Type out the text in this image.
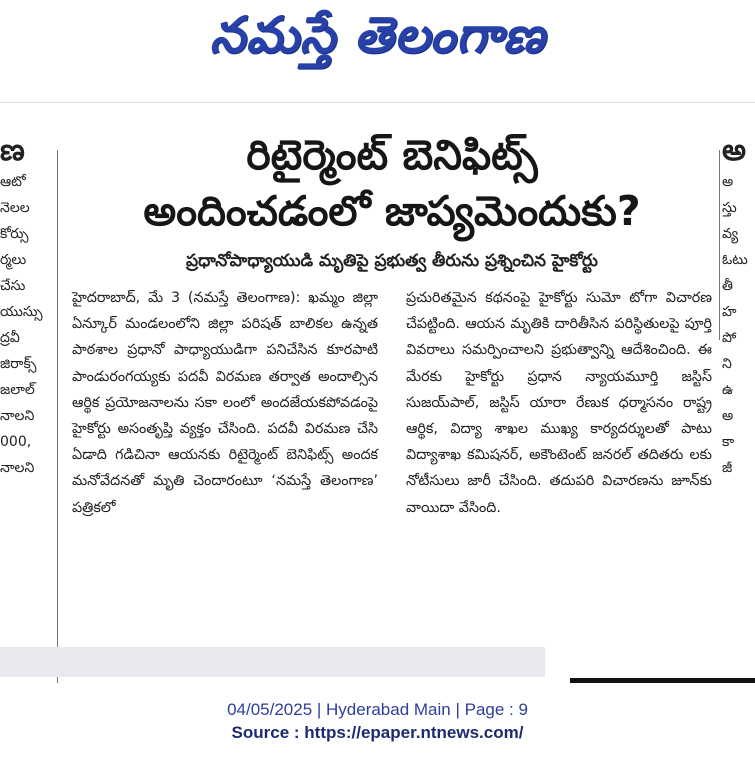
నమస్తే తెలంగాణ
ణ
ఆటో
నెలల
కోర్సు
ర్మలు
చేసు
యుస్సు
ద్రవీ
జిరాక్స్
జలాల్
నాలని
000,
నాలని
రిటైర్మెంట్ బెనిఫిట్స్
అందించడంలో జాప్యమెందుకు?
ప్రధానోపాధ్యాయుడి మృతిపై ప్రభుత్వ తీరును ప్రశ్నించిన హైకోర్టు
హైదరాబాద్, మే 3 (నమస్తే తెలంగాణ): ఖమ్మం జిల్లా ఏన్కూర్ మండలంలోని జిల్లా పరిషత్ బాలికల ఉన్నత పాఠశాల ప్రధానో పాధ్యాయుడిగా పనిచేసిన కూరపాటి పాండురంగయ్యకు పదవీ విరమణ తర్వాత అందాల్సిన ఆర్థిక ప్రయోజనాలను సకా లంలో అందజేయకపోవడంపై హైకోర్టు అసంతృప్తి వ్యక్తం చేసింది. పదవీ విరమణ చేసి ఏడాది గడిచినా ఆయనకు రిటైర్మెంట్ బెనిఫిట్స్ అందక మనోవేదనతో మృతి చెందారంటూ ‘నమస్తే తెలంగాణ’ పత్రికలో
ప్రచురితమైన కథనంపై హైకోర్టు సుమో టోగా విచారణ చేపట్టింది. ఆయన మృతికి దారితీసిన పరిస్థితులపై పూర్తి వివరాలు సమర్పించాలని ప్రభుత్వాన్ని ఆదేశించింది. ఈ మేరకు హైకోర్టు ప్రధాన న్యాయమూర్తి జస్టిస్ సుజయ్‌పాల్, జస్టిస్ యారా రేణుక ధర్మాసనం రాష్ట్ర ఆర్థిక, విద్యా శాఖల ముఖ్య కార్యదర్శులతో పాటు విద్యాశాఖ కమిషనర్, అకౌంటెంట్ జనరల్ తదితరు లకు నోటీసులు జారీ చేసింది. తదుపరి విచారణను జూన్‌కు వాయిదా వేసింది.
అ
అ
స్తు
వ్య
ఓటు
తీ
హ
పో
ని
ఉ
అ
కా
జీ
04/05/2025 | Hyderabad Main | Page : 9
Source : https://epaper.ntnews.com/
